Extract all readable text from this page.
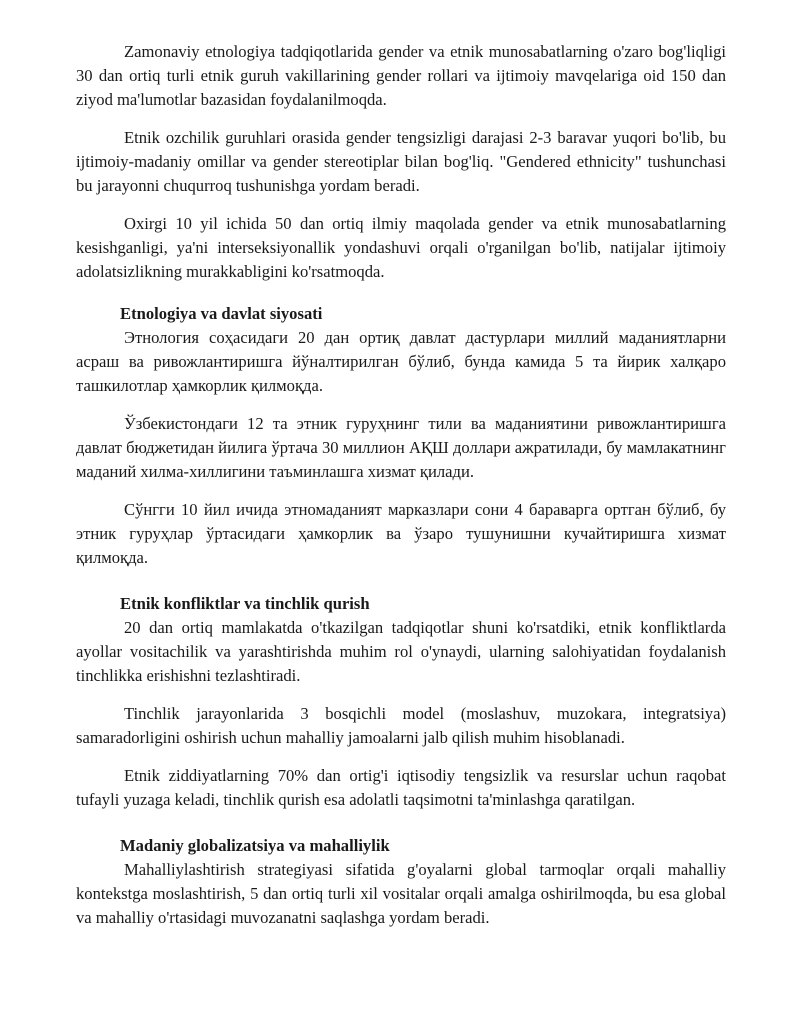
Zamonaviy etnologiya tadqiqotlarida gender va etnik munosabatlarning o'zaro bog'liqligi 30 dan ortiq turli etnik guruh vakillarining gender rollari va ijtimoiy mavqelariga oid 150 dan ziyod ma'lumotlar bazasidan foydalanilmoqda.

Etnik ozchilik guruhlari orasida gender tengsizligi darajasi 2-3 baravar yuqori bo'lib, bu ijtimoiy-madaniy omillar va gender stereotiplar bilan bog'liq. "Gendered ethnicity" tushunchasi bu jarayonni chuqurroq tushunishga yordam beradi.

Oxirgi 10 yil ichida 50 dan ortiq ilmiy maqolada gender va etnik munosabatlarning kesishganligi, ya'ni interseksiyonallik yondashuvi orqali o'rganilgan bo'lib, natijalar ijtimoiy adolatsizlikning murakkabligini ko'rsatmoqda.

Etnologiya va davlat siyosati

Этнология соҳасидаги 20 дан ортиқ давлат дастурлари миллий маданиятларни асраш ва ривожлантиришга йўналтирилган бўлиб, бунда камида 5 та йирик халқаро ташкилотлар ҳамкорлик қилмоқда.

Ўзбекистондаги 12 та этник гуруҳнинг тили ва маданиятини ривожлантиришга давлат бюджетидан йилига ўртача 30 миллион АҚШ доллари ажратилади, бу мамлакатнинг маданий хилма-хиллигини таъминлашга хизмат қилади.

Сўнгги 10 йил ичида этномаданият марказлари сони 4 бараварга ортган бўлиб, бу этник гуруҳлар ўртасидаги ҳамкорлик ва ўзаро тушунишни кучайтиришга хизмат қилмоқда.

Etnik konfliktlar va tinchlik qurish

20 dan ortiq mamlakatda o'tkazilgan tadqiqotlar shuni ko'rsatdiki, etnik konfliktlarda ayollar vositachilik va yarashtirishda muhim rol o'ynaydi, ularning salohiyatidan foydalanish tinchlikka erishishni tezlashtiradi.

Tinchlik jarayonlarida 3 bosqichli model (moslashuv, muzokara, integratsiya) samaradorligini oshirish uchun mahalliy jamoalarni jalb qilish muhim hisoblanadi.

Etnik ziddiyatlarning 70% dan ortig'i iqtisodiy tengsizlik va resurslar uchun raqobat tufayli yuzaga keladi, tinchlik qurish esa adolatli taqsimotni ta'minlashga qaratilgan.

Madaniy globalizatsiya va mahalliylik

Mahalliylashtirish strategiyasi sifatida g'oyalarni global tarmoqlar orqali mahalliy kontekstga moslashtirish, 5 dan ortiq turli xil vositalar orqali amalga oshirilmoqda, bu esa global va mahalliy o'rtasidagi muvozanatni saqlashga yordam beradi.
